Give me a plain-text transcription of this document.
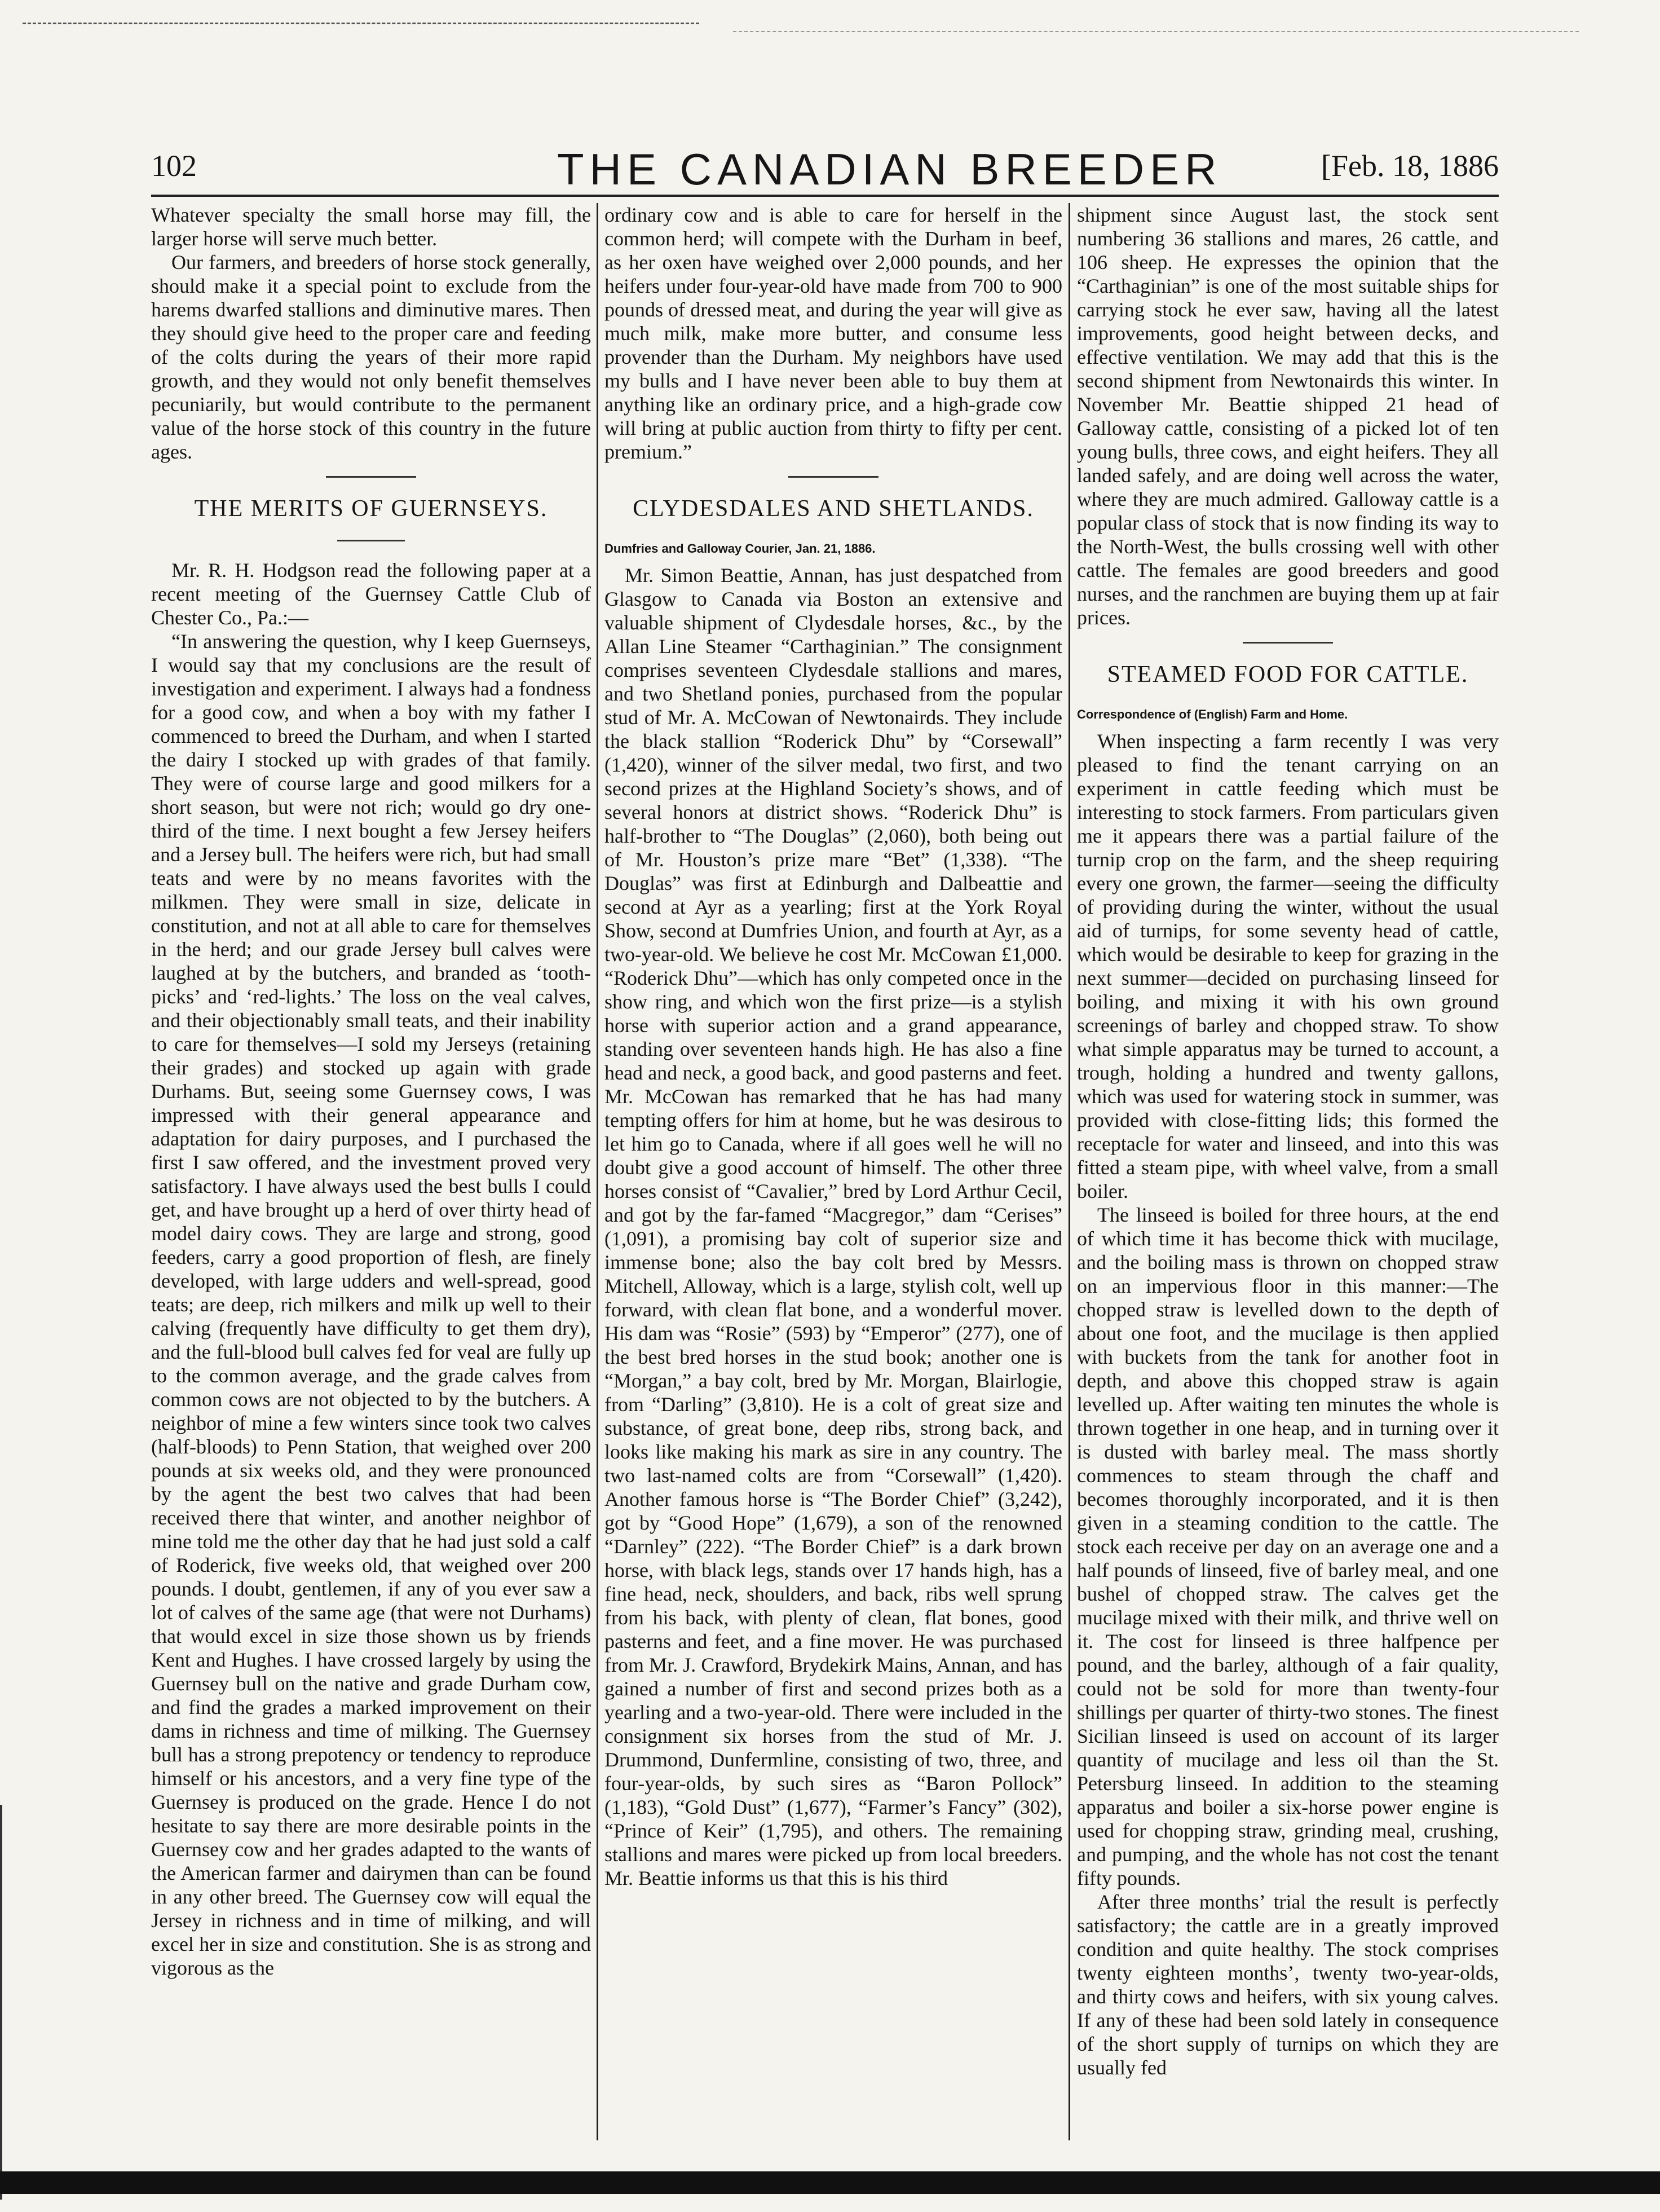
102	THE CANADIAN BREEDER	[Feb. 18, 1886

Whatever specialty the small horse may fill, the larger horse will serve much better.

Our farmers, and breeders of horse stock generally, should make it a special point to exclude from the harems dwarfed stallions and diminutive mares. Then they should give heed to the proper care and feeding of the colts during the years of their more rapid growth, and they would not only benefit themselves pecuniarily, but would contribute to the permanent value of the horse stock of this country in the future ages.

THE MERITS OF GUERNSEYS.

Mr. R. H. Hodgson read the following paper at a recent meeting of the Guernsey Cattle Club of Chester Co., Pa.:—

“In answering the question, why I keep Guernseys, I would say that my conclusions are the result of investigation and experiment. I always had a fondness for a good cow, and when a boy with my father I commenced to breed the Durham, and when I started the dairy I stocked up with grades of that family. They were of course large and good milkers for a short season, but were not rich; would go dry one-third of the time. I next bought a few Jersey heifers and a Jersey bull. The heifers were rich, but had small teats and were by no means favorites with the milkmen. They were small in size, delicate in constitution, and not at all able to care for themselves in the herd; and our grade Jersey bull calves were laughed at by the butchers, and branded as ‘tooth-picks’ and ‘red-lights.’ The loss on the veal calves, and their objectionably small teats, and their inability to care for themselves—I sold my Jerseys (retaining their grades) and stocked up again with grade Durhams. But, seeing some Guernsey cows, I was impressed with their general appearance and adaptation for dairy purposes, and I purchased the first I saw offered, and the investment proved very satisfactory. I have always used the best bulls I could get, and have brought up a herd of over thirty head of model dairy cows. They are large and strong, good feeders, carry a good proportion of flesh, are finely developed, with large udders and well-spread, good teats; are deep, rich milkers and milk up well to their calving (frequently have difficulty to get them dry), and the full-blood bull calves fed for veal are fully up to the common average, and the grade calves from common cows are not objected to by the butchers. A neighbor of mine a few winters since took two calves (half-bloods) to Penn Station, that weighed over 200 pounds at six weeks old, and they were pronounced by the agent the best two calves that had been received there that winter, and another neighbor of mine told me the other day that he had just sold a calf of Roderick, five weeks old, that weighed over 200 pounds. I doubt, gentlemen, if any of you ever saw a lot of calves of the same age (that were not Durhams) that would excel in size those shown us by friends Kent and Hughes. I have crossed largely by using the Guernsey bull on the native and grade Durham cow, and find the grades a marked improvement on their dams in richness and time of milking. The Guernsey bull has a strong prepotency or tendency to reproduce himself or his ancestors, and a very fine type of the Guernsey is produced on the grade. Hence I do not hesitate to say there are more desirable points in the Guernsey cow and her grades adapted to the wants of the American farmer and dairymen than can be found in any other breed. The Guernsey cow will equal the Jersey in richness and in time of milking, and will excel her in size and constitution. She is as strong and vigorous as the

ordinary cow and is able to care for herself in the common herd; will compete with the Durham in beef, as her oxen have weighed over 2,000 pounds, and her heifers under four-year-old have made from 700 to 900 pounds of dressed meat, and during the year will give as much milk, make more butter, and consume less provender than the Durham. My neighbors have used my bulls and I have never been able to buy them at anything like an ordinary price, and a high-grade cow will bring at public auction from thirty to fifty per cent. premium.”

CLYDESDALES AND SHETLANDS.
Dumfries and Galloway Courier, Jan. 21, 1886.

Mr. Simon Beattie, Annan, has just despatched from Glasgow to Canada via Boston an extensive and valuable shipment of Clydesdale horses, &c., by the Allan Line Steamer “Carthaginian.” The consignment comprises seventeen Clydesdale stallions and mares, and two Shetland ponies, purchased from the popular stud of Mr. A. McCowan of Newtonairds. They include the black stallion “Roderick Dhu” by “Corsewall” (1,420), winner of the silver medal, two first, and two second prizes at the Highland Society’s shows, and of several honors at district shows. “Roderick Dhu” is half-brother to “The Douglas” (2,060), both being out of Mr. Houston’s prize mare “Bet” (1,338). “The Douglas” was first at Edinburgh and Dalbeattie and second at Ayr as a yearling; first at the York Royal Show, second at Dumfries Union, and fourth at Ayr, as a two-year-old. We believe he cost Mr. McCowan £1,000. “Roderick Dhu”—which has only competed once in the show ring, and which won the first prize—is a stylish horse with superior action and a grand appearance, standing over seventeen hands high. He has also a fine head and neck, a good back, and good pasterns and feet. Mr. McCowan has remarked that he has had many tempting offers for him at home, but he was desirous to let him go to Canada, where if all goes well he will no doubt give a good account of himself. The other three horses consist of “Cavalier,” bred by Lord Arthur Cecil, and got by the far-famed “Macgregor,” dam “Cerises” (1,091), a promising bay colt of superior size and immense bone; also the bay colt bred by Messrs. Mitchell, Alloway, which is a large, stylish colt, well up forward, with clean flat bone, and a wonderful mover. His dam was “Rosie” (593) by “Emperor” (277), one of the best bred horses in the stud book; another one is “Morgan,” a bay colt, bred by Mr. Morgan, Blairlogie, from “Darling” (3,810). He is a colt of great size and substance, of great bone, deep ribs, strong back, and looks like making his mark as sire in any country. The two last-named colts are from “Corsewall” (1,420). Another famous horse is “The Border Chief” (3,242), got by “Good Hope” (1,679), a son of the renowned “Darnley” (222). “The Border Chief” is a dark brown horse, with black legs, stands over 17 hands high, has a fine head, neck, shoulders, and back, ribs well sprung from his back, with plenty of clean, flat bones, good pasterns and feet, and a fine mover. He was purchased from Mr. J. Crawford, Brydekirk Mains, Annan, and has gained a number of first and second prizes both as a yearling and a two-year-old. There were included in the consignment six horses from the stud of Mr. J. Drummond, Dunfermline, consisting of two, three, and four-year-olds, by such sires as “Baron Pollock” (1,183), “Gold Dust” (1,677), “Farmer’s Fancy” (302), “Prince of Keir” (1,795), and others. The remaining stallions and mares were picked up from local breeders. Mr. Beattie informs us that this is his third

shipment since August last, the stock sent numbering 36 stallions and mares, 26 cattle, and 106 sheep. He expresses the opinion that the “Carthaginian” is one of the most suitable ships for carrying stock he ever saw, having all the latest improvements, good height between decks, and effective ventilation. We may add that this is the second shipment from Newtonairds this winter. In November Mr. Beattie shipped 21 head of Galloway cattle, consisting of a picked lot of ten young bulls, three cows, and eight heifers. They all landed safely, and are doing well across the water, where they are much admired. Galloway cattle is a popular class of stock that is now finding its way to the North-West, the bulls crossing well with other cattle. The females are good breeders and good nurses, and the ranchmen are buying them up at fair prices.

STEAMED FOOD FOR CATTLE.
Correspondence of (English) Farm and Home.

When inspecting a farm recently I was very pleased to find the tenant carrying on an experiment in cattle feeding which must be interesting to stock farmers. From particulars given me it appears there was a partial failure of the turnip crop on the farm, and the sheep requiring every one grown, the farmer—seeing the difficulty of providing during the winter, without the usual aid of turnips, for some seventy head of cattle, which would be desirable to keep for grazing in the next summer—decided on purchasing linseed for boiling, and mixing it with his own ground screenings of barley and chopped straw. To show what simple apparatus may be turned to account, a trough, holding a hundred and twenty gallons, which was used for watering stock in summer, was provided with close-fitting lids; this formed the receptacle for water and linseed, and into this was fitted a steam pipe, with wheel valve, from a small boiler.

The linseed is boiled for three hours, at the end of which time it has become thick with mucilage, and the boiling mass is thrown on chopped straw on an impervious floor in this manner:—The chopped straw is levelled down to the depth of about one foot, and the mucilage is then applied with buckets from the tank for another foot in depth, and above this chopped straw is again levelled up. After waiting ten minutes the whole is thrown together in one heap, and in turning over it is dusted with barley meal. The mass shortly commences to steam through the chaff and becomes thoroughly incorporated, and it is then given in a steaming condition to the cattle. The stock each receive per day on an average one and a half pounds of linseed, five of barley meal, and one bushel of chopped straw. The calves get the mucilage mixed with their milk, and thrive well on it. The cost for linseed is three halfpence per pound, and the barley, although of a fair quality, could not be sold for more than twenty-four shillings per quarter of thirty-two stones. The finest Sicilian linseed is used on account of its larger quantity of mucilage and less oil than the St. Petersburg linseed. In addition to the steaming apparatus and boiler a six-horse power engine is used for chopping straw, grinding meal, crushing, and pumping, and the whole has not cost the tenant fifty pounds.

After three months’ trial the result is perfectly satisfactory; the cattle are in a greatly improved condition and quite healthy. The stock comprises twenty eighteen months’, twenty two-year-olds, and thirty cows and heifers, with six young calves. If any of these had been sold lately in consequence of the short supply of turnips on which they are usually fed
